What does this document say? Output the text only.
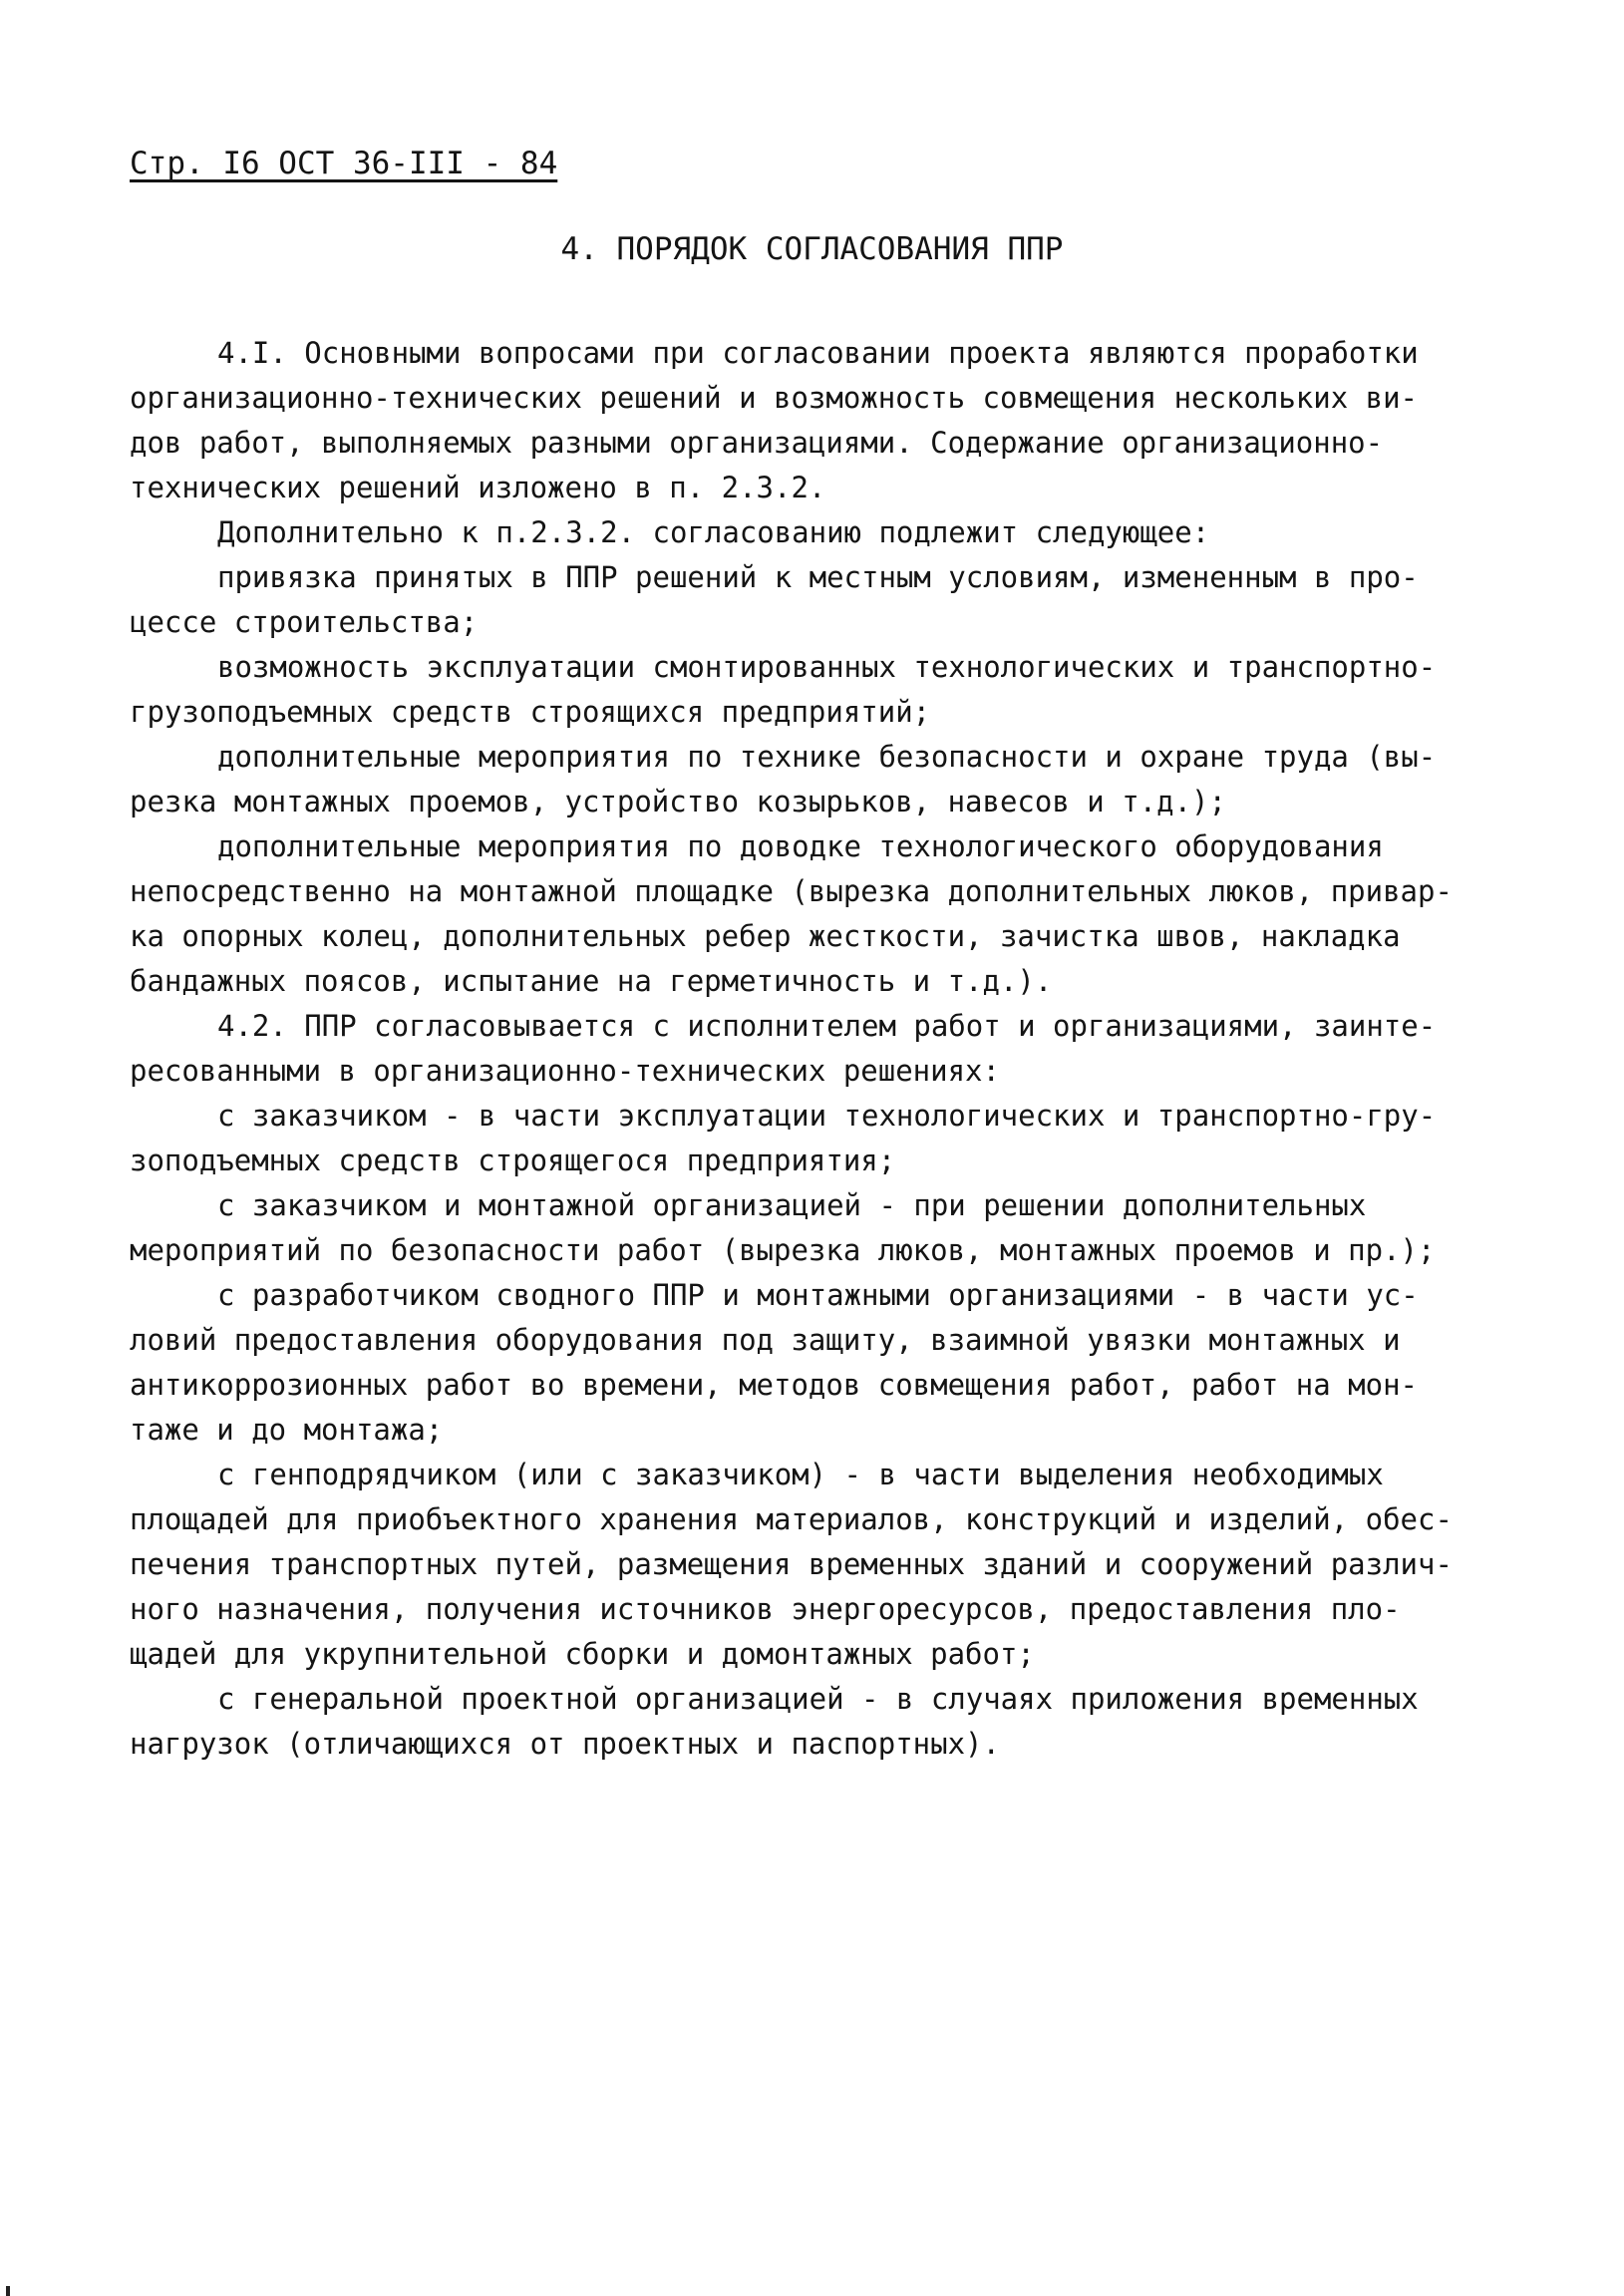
Стр. I6 ОСТ 36-III - 84
4. ПОРЯДОК СОГЛАСОВАНИЯ ППР
4.I. Основными вопросами при согласовании проекта являются проработки
организационно-технических решений и возможность совмещения нескольких ви-
дов работ, выполняемых разными организациями. Содержание организационно-
технических решений изложено в п. 2.3.2.
Дополнительно к п.2.3.2. согласованию подлежит следующее:
привязка принятых в ППР решений к местным условиям, измененным в про-
цессе строительства;
возможность эксплуатации смонтированных технологических и транспортно-
грузоподъемных средств строящихся предприятий;
дополнительные мероприятия по технике безопасности и охране труда (вы-
резка монтажных проемов, устройство козырьков, навесов и т.д.);
дополнительные мероприятия по доводке технологического оборудования
непосредственно на монтажной площадке (вырезка дополнительных люков, привар-
ка опорных колец, дополнительных ребер жесткости, зачистка швов, накладка
бандажных поясов, испытание на герметичность и т.д.).
4.2. ППР согласовывается с исполнителем работ и организациями, заинте-
ресованными в организационно-технических решениях:
с заказчиком - в части эксплуатации технологических и транспортно-гру-
зоподъемных средств строящегося предприятия;
с заказчиком и монтажной организацией - при решении дополнительных
мероприятий по безопасности работ (вырезка люков, монтажных проемов и пр.);
с разработчиком сводного ППР и монтажными организациями - в части ус-
ловий предоставления оборудования под защиту, взаимной увязки монтажных и
антикоррозионных работ во времени, методов совмещения работ, работ на мон-
таже и до монтажа;
с генподрядчиком (или с заказчиком) - в части выделения необходимых
площадей для приобъектного хранения материалов, конструкций и изделий, обес-
печения транспортных путей, размещения временных зданий и сооружений различ-
ного назначения, получения источников энергоресурсов, предоставления пло-
щадей для укрупнительной сборки и домонтажных работ;
с генеральной проектной организацией - в случаях приложения временных
нагрузок (отличающихся от проектных и паспортных).
